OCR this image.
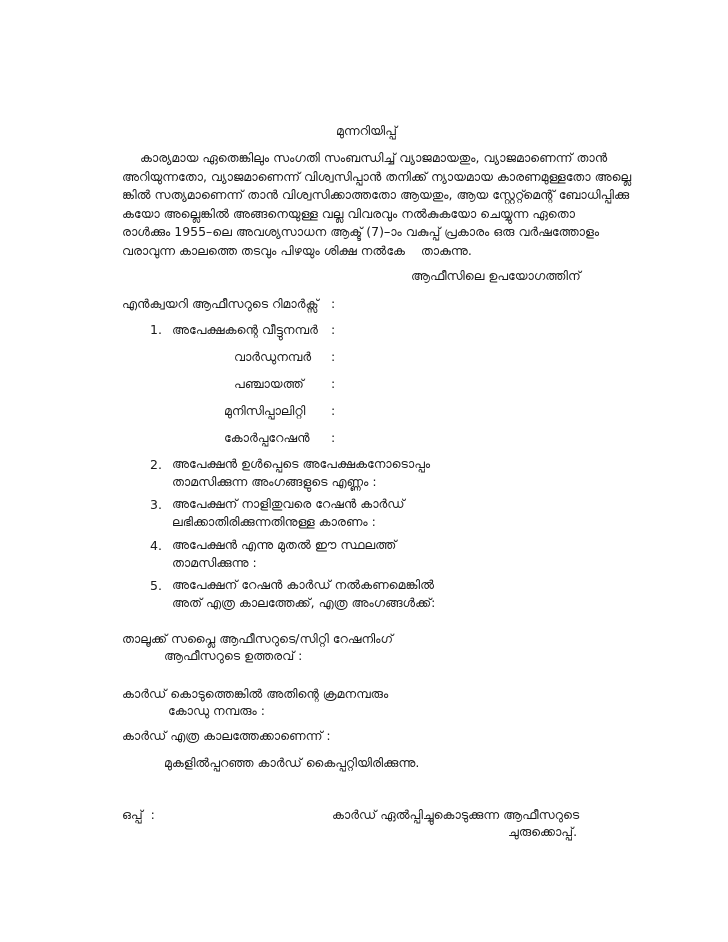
മുന്നറിയിപ്പ്
കാര്യമായ ഏതെങ്കിലും സംഗതി സംബന്ധിച്ച് വ്യാജമായതും, വ്യാജമാണെന്ന് താൻ
അറിയുന്നതോ, വ്യാജമാണെന്ന് വിശ്വസിപ്പാൻ തനിക്ക് ന്യായമായ കാരണമുള്ളതോ അല്ലെ
ങ്കിൽ സത്യമാണെന്ന് താൻ വിശ്വസിക്കാത്തതോ ആയതും, ആയ സ്റ്റേറ്റ്മെന്റ് ബോധിപ്പിക്കു
കയോ അല്ലെങ്കിൽ അങ്ങനെയുള്ള വല്ല വിവരവും നൽകുകയോ ചെയ്യുന്ന ഏതൊ
രാൾക്കും 1955–ലെ അവശ്യസാധന ആക്ട് (7)–ാം വകുപ്പ് പ്രകാരം ഒരു വർഷത്തോളം
വരാവുന്ന കാലത്തെ തടവും പിഴയും ശിക്ഷ നൽകേ    താകുന്നു.
ആഫീസിലെ ഉപയോഗത്തിന്
എൻക്വയറി ആഫീസറുടെ റിമാർക്സ് :
1. അപേക്ഷകന്റെ വീട്ടുനമ്പർ :
വാർഡുനമ്പർ :
പഞ്ചായത്ത് :
മുനിസിപ്പാലിറ്റി :
കോർപ്പറേഷൻ :
2. അപേക്ഷൻ ഉൾപ്പെടെ അപേക്ഷകനോടൊപ്പം
താമസിക്കുന്ന അംഗങ്ങളുടെ എണ്ണം :
3. അപേക്ഷന് നാളിതുവരെ റേഷൻ കാർഡ്
ലഭിക്കാതിരിക്കുന്നതിനുള്ള കാരണം :
4. അപേക്ഷൻ എന്നു മുതൽ ഈ സ്ഥലത്ത്
താമസിക്കുന്നു :
5. അപേക്ഷന് റേഷൻ കാർഡ് നൽകണമെങ്കിൽ
അത് എത്ര കാലത്തേക്ക്, എത്ര അംഗങ്ങൾക്ക്:
താലൂക്ക് സപ്ലൈ ആഫീസറുടെ/സിറ്റി റേഷനിംഗ്
ആഫീസറുടെ ഉത്തരവ് :
കാർഡ് കൊടുത്തെങ്കിൽ അതിന്റെ ക്രമനമ്പരും
കോഡു നമ്പരും :
കാർഡ് എത്ര കാലത്തേക്കാണെന്ന് :
മുകളിൽപ്പറഞ്ഞ കാർഡ് കൈപ്പറ്റിയിരിക്കുന്നു.
ഒപ്പ്  :	കാർഡ് ഏൽപ്പിച്ചുകൊടുക്കുന്ന ആഫീസറുടെ
ചുരുക്കൊപ്പ്.
